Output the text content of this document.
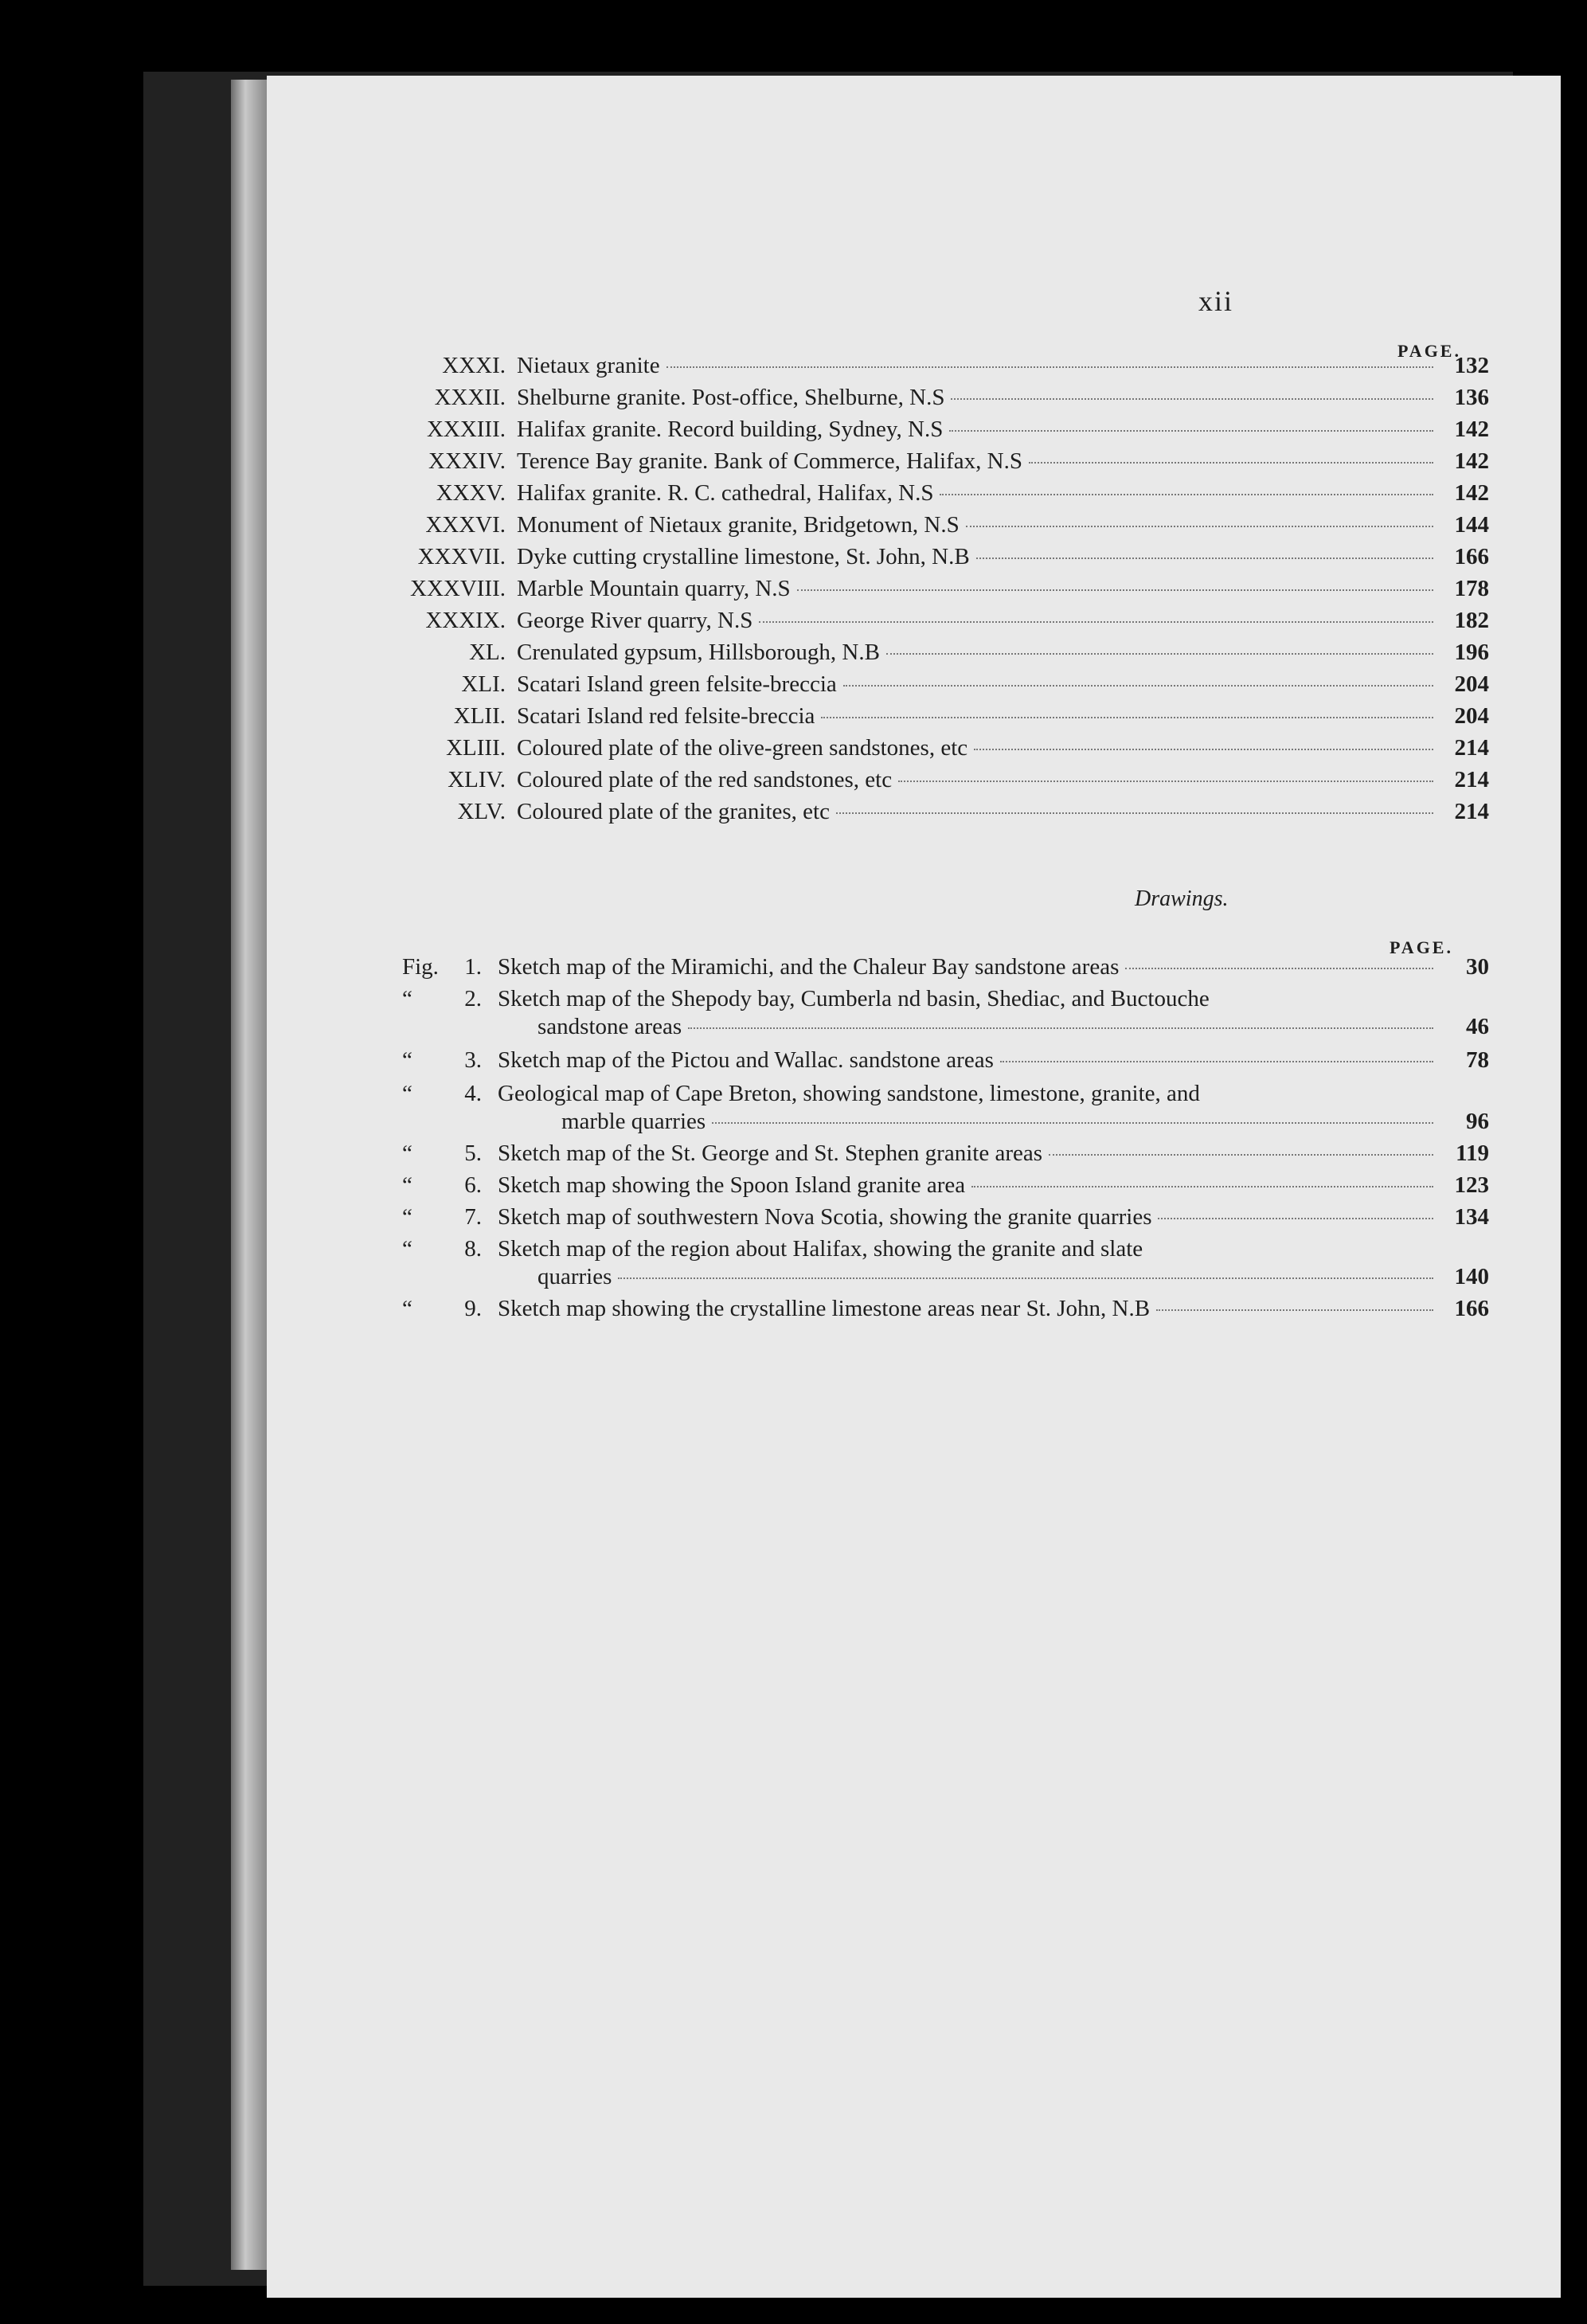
xii
PAGE.
XXXI. Nietaux granite	132
XXXII. Shelburne granite. Post-office, Shelburne, N.S	136
XXXIII. Halifax granite. Record building, Sydney, N.S	142
XXXIV. Terence Bay granite. Bank of Commerce, Halifax, N.S	142
XXXV. Halifax granite. R. C. cathedral, Halifax, N.S	142
XXXVI. Monument of Nietaux granite, Bridgetown, N.S	144
XXXVII. Dyke cutting crystalline limestone, St. John, N.B	166
XXXVIII. Marble Mountain quarry, N.S	178
XXXIX. George River quarry, N.S	182
XL. Crenulated gypsum, Hillsborough, N.B	196
XLI. Scatari Island green felsite-breccia	204
XLII. Scatari Island red felsite-breccia	204
XLIII. Coloured plate of the olive-green sandstones, etc	214
XLIV. Coloured plate of the red sandstones, etc	214
XLV. Coloured plate of the granites, etc	214
Drawings.
PAGE.
Fig.	1. Sketch map of the Miramichi, and the Chaleur Bay sandstone areas	30
“	2. Sketch map of the Shepody bay, Cumberla nd basin, Shediac, and Buctouche
sandstone areas	46
“	3. Sketch map of the Pictou and Wallac. sandstone areas	78
“	4. Geological map of Cape Breton, showing sandstone, limestone, granite, and
marble quarries	96
“	5. Sketch map of the St. George and St. Stephen granite areas	119
“	6. Sketch map showing the Spoon Island granite area	123
“	7. Sketch map of southwestern Nova Scotia, showing the granite quarries	134
“	8. Sketch map of the region about Halifax, showing the granite and slate
quarries	140
“	9. Sketch map showing the crystalline limestone areas near St. John, N.B	166
